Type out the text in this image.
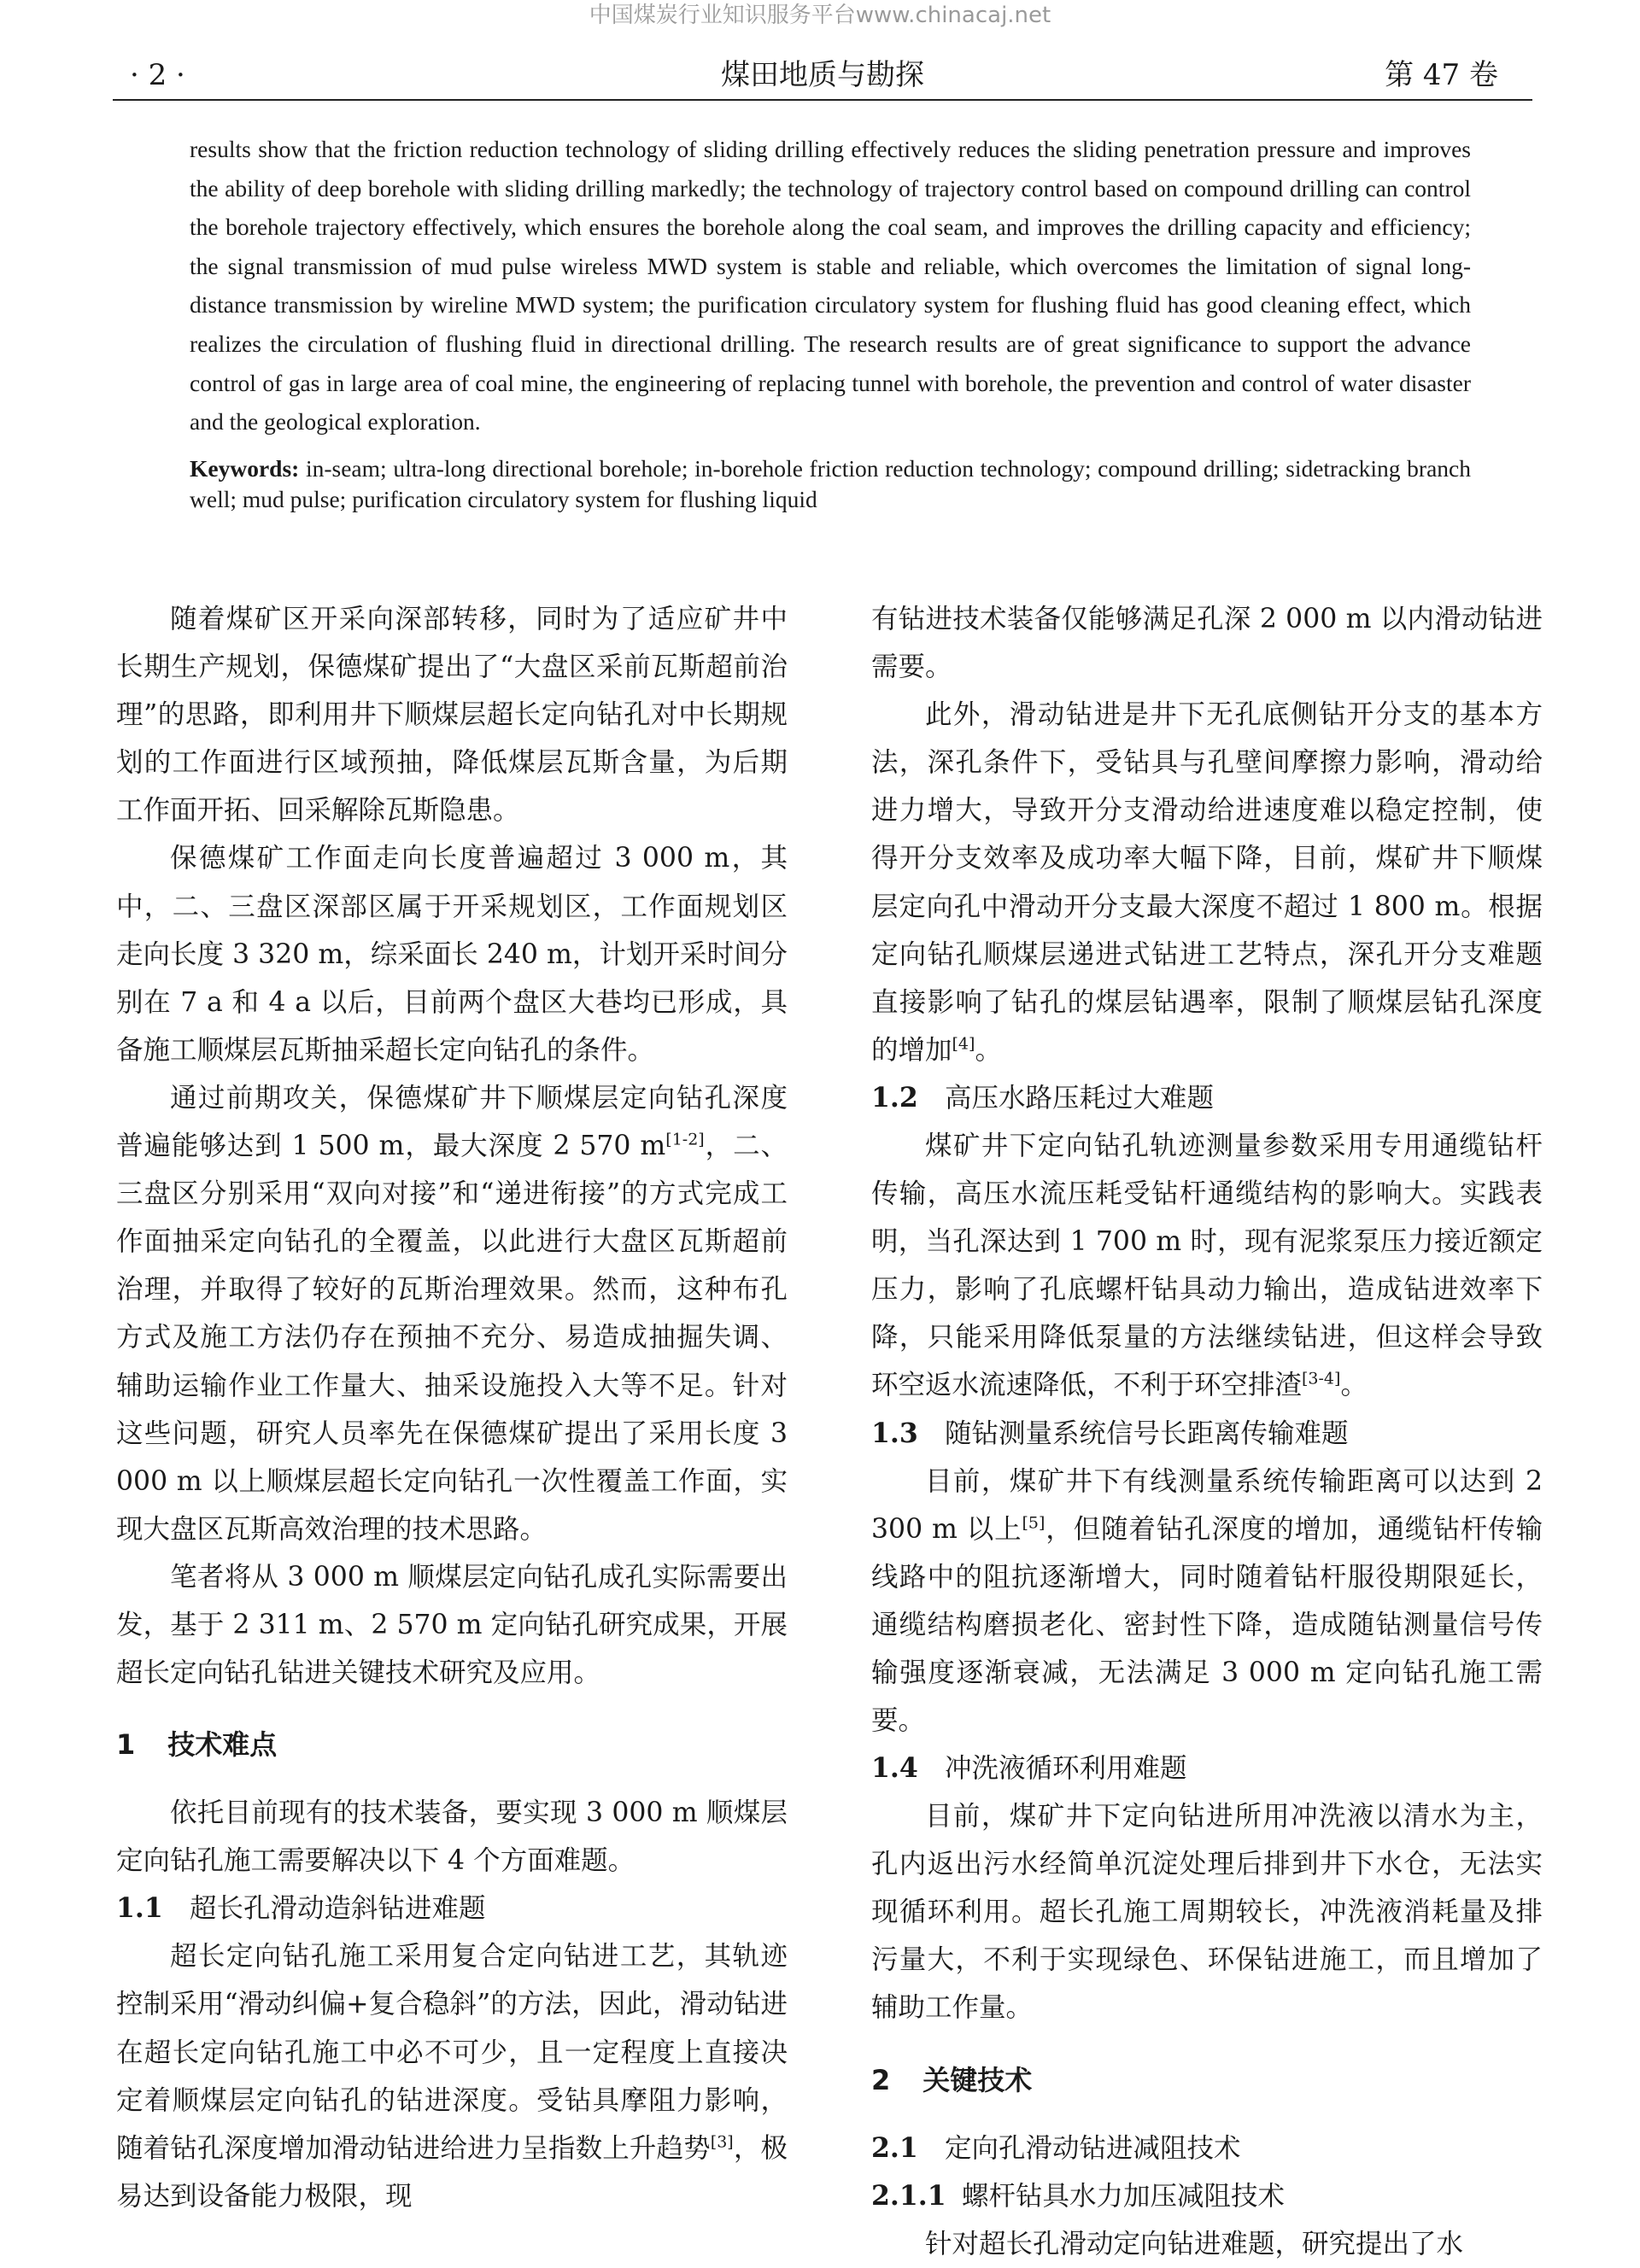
中国煤炭行业知识服务平台www.chinacaj.net
· 2 ·	煤田地质与勘探	第 47 卷

results show that the friction reduction technology of sliding drilling effectively reduces the sliding penetration pressure and improves the ability of deep borehole with sliding drilling markedly; the technology of trajectory control based on compound drilling can control the borehole trajectory effectively, which ensures the borehole along the coal seam, and improves the drilling capacity and efficiency; the signal transmission of mud pulse wireless MWD system is stable and reliable, which overcomes the limitation of signal long-distance transmission by wireline MWD system; the purification circulatory system for flushing fluid has good cleaning effect, which realizes the circulation of flushing fluid in directional drilling. The research results are of great significance to support the advance control of gas in large area of coal mine, the engineering of replacing tunnel with borehole, the prevention and control of water disaster and the geological exploration.

Keywords: in-seam; ultra-long directional borehole; in-borehole friction reduction technology; compound drilling; sidetracking branch well; mud pulse; purification circulatory system for flushing liquid

随着煤矿区开采向深部转移，同时为了适应矿井中长期生产规划，保德煤矿提出了“大盘区采前瓦斯超前治理”的思路，即利用井下顺煤层超长定向钻孔对中长期规划的工作面进行区域预抽，降低煤层瓦斯含量，为后期工作面开拓、回采解除瓦斯隐患。

保德煤矿工作面走向长度普遍超过 3 000 m，其中，二、三盘区深部区属于开采规划区，工作面规划区走向长度 3 320 m，综采面长 240 m，计划开采时间分别在 7 a 和 4 a 以后，目前两个盘区大巷均已形成，具备施工顺煤层瓦斯抽采超长定向钻孔的条件。

通过前期攻关，保德煤矿井下顺煤层定向钻孔深度普遍能够达到 1 500 m，最大深度 2 570 m[1-2]，二、三盘区分别采用“双向对接”和“递进衔接”的方式完成工作面抽采定向钻孔的全覆盖，以此进行大盘区瓦斯超前治理，并取得了较好的瓦斯治理效果。然而，这种布孔方式及施工方法仍存在预抽不充分、易造成抽掘失调、辅助运输作业工作量大、抽采设施投入大等不足。针对这些问题，研究人员率先在保德煤矿提出了采用长度 3 000 m 以上顺煤层超长定向钻孔一次性覆盖工作面，实现大盘区瓦斯高效治理的技术思路。

笔者将从 3 000 m 顺煤层定向钻孔成孔实际需要出发，基于 2 311 m、2 570 m 定向钻孔研究成果，开展超长定向钻孔钻进关键技术研究及应用。

1 技术难点

依托目前现有的技术装备，要实现 3 000 m 顺煤层定向钻孔施工需要解决以下 4 个方面难题。

1.1 超长孔滑动造斜钻进难题

超长定向钻孔施工采用复合定向钻进工艺，其轨迹控制采用“滑动纠偏+复合稳斜”的方法，因此，滑动钻进在超长定向钻孔施工中必不可少，且一定程度上直接决定着顺煤层定向钻孔的钻进深度。受钻具摩阻力影响，随着钻孔深度增加滑动钻进给进力呈指数上升趋势[3]，极易达到设备能力极限，现

有钻进技术装备仅能够满足孔深 2 000 m 以内滑动钻进需要。

此外，滑动钻进是井下无孔底侧钻开分支的基本方法，深孔条件下，受钻具与孔壁间摩擦力影响，滑动给进力增大，导致开分支滑动给进速度难以稳定控制，使得开分支效率及成功率大幅下降，目前，煤矿井下顺煤层定向孔中滑动开分支最大深度不超过 1 800 m。根据定向钻孔顺煤层递进式钻进工艺特点，深孔开分支难题直接影响了钻孔的煤层钻遇率，限制了顺煤层钻孔深度的增加[4]。

1.2 高压水路压耗过大难题

煤矿井下定向钻孔轨迹测量参数采用专用通缆钻杆传输，高压水流压耗受钻杆通缆结构的影响大。实践表明，当孔深达到 1 700 m 时，现有泥浆泵压力接近额定压力，影响了孔底螺杆钻具动力输出，造成钻进效率下降，只能采用降低泵量的方法继续钻进，但这样会导致环空返水流速降低，不利于环空排渣[3-4]。

1.3 随钻测量系统信号长距离传输难题

目前，煤矿井下有线测量系统传输距离可以达到 2 300 m 以上[5]，但随着钻孔深度的增加，通缆钻杆传输线路中的阻抗逐渐增大，同时随着钻杆服役期限延长，通缆结构磨损老化、密封性下降，造成随钻测量信号传输强度逐渐衰减，无法满足 3 000 m 定向钻孔施工需要。

1.4 冲洗液循环利用难题

目前，煤矿井下定向钻进所用冲洗液以清水为主，孔内返出污水经简单沉淀处理后排到井下水仓，无法实现循环利用。超长孔施工周期较长，冲洗液消耗量及排污量大，不利于实现绿色、环保钻进施工，而且增加了辅助工作量。

2 关键技术

2.1 定向孔滑动钻进减阻技术

2.1.1 螺杆钻具水力加压减阻技术

针对超长孔滑动定向钻进难题，研究提出了水
